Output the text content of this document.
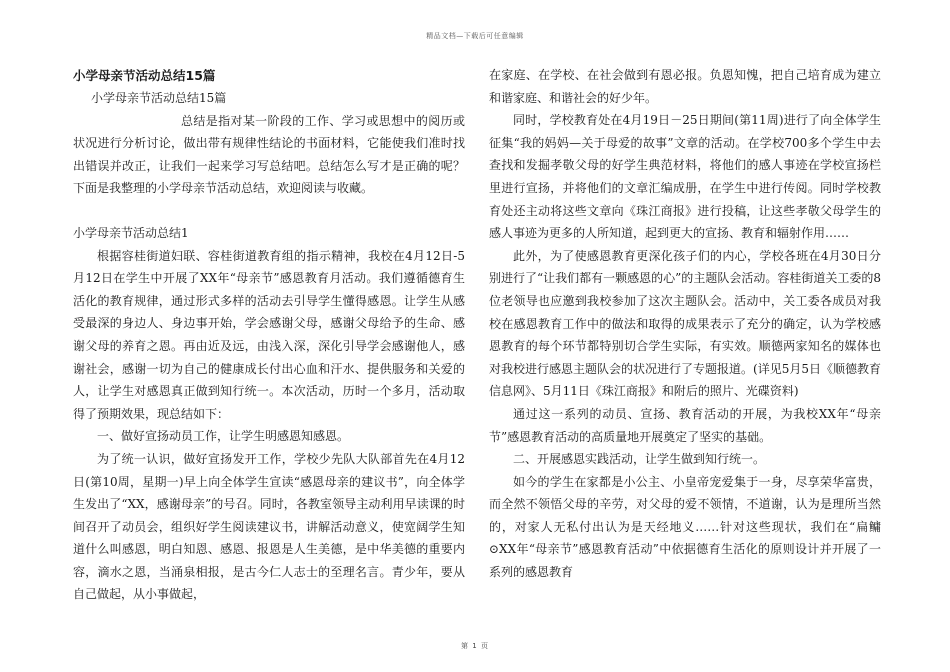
精品文档—下载后可任意编辑

小学母亲节活动总结15篇

小学母亲节活动总结15篇

总结是指对某一阶段的工作、学习或思想中的阅历或状况进行分析讨论，做出带有规律性结论的书面材料，它能使我们准时找出错误并改正，让我们一起来学习写总结吧。总结怎么写才是正确的呢？下面是我整理的小学母亲节活动总结，欢迎阅读与收藏。

小学母亲节活动总结1

根据容桂街道妇联、容桂街道教育组的指示精神，我校在4月12日-5月12日在学生中开展了XX年“母亲节”感恩教育月活动。我们遵循德育生活化的教育规律，通过形式多样的活动去引导学生懂得感恩。让学生从感受最深的身边人、身边事开始，学会感谢父母，感谢父母给予的生命、感谢父母的养育之恩。再由近及远，由浅入深，深化引导学会感谢他人，感谢社会，感谢一切为自己的健康成长付出心血和汗水、提供服务和关爱的人，让学生对感恩真正做到知行统一。本次活动，历时一个多月，活动取得了预期效果，现总结如下：

一、做好宣扬动员工作，让学生明感恩知感恩。

为了统一认识，做好宣扬发开工作，学校少先队大队部首先在4月12日(第10周，星期一)早上向全体学生宣读“感恩母亲的建议书”，向全体学生发出了“XX，感谢母亲”的号召。同时，各教室领导主动利用早读课的时间召开了动员会，组织好学生阅读建议书，讲解活动意义，使宽阔学生知道什么叫感恩，明白知恩、感恩、报恩是人生美德，是中华美德的重要内容，滴水之恩，当涌泉相报，是古今仁人志士的至理名言。青少年，要从自己做起，从小事做起，

在家庭、在学校、在社会做到有恩必报。负恩知愧，把自己培育成为建立和谐家庭、和谐社会的好少年。

同时，学校教育处在4月19日－25日期间(第11周)进行了向全体学生征集“我的妈妈—关于母爱的故事”文章的活动。在学校700多个学生中去查找和发掘孝敬父母的好学生典范材料，将他们的感人事迹在学校宣扬栏里进行宣扬，并将他们的文章汇编成册，在学生中进行传阅。同时学校教育处还主动将这些文章向《珠江商报》进行投稿，让这些孝敬父母学生的感人事迹为更多的人所知道，起到更大的宣扬、教育和辐射作用……

此外，为了使感恩教育更深化孩子们的内心，学校各班在4月30日分别进行了“让我们都有一颗感恩的心”的主题队会活动。容桂街道关工委的8位老领导也应邀到我校参加了这次主题队会。活动中，关工委各成员对我校在感恩教育工作中的做法和取得的成果表示了充分的确定，认为学校感恩教育的每个环节都特别切合学生实际，有实效。顺德两家知名的媒体也对我校进行感恩主题队会的状况进行了专题报道。(详见5月5日《顺德教育信息网》、5月11日《珠江商报》和附后的照片、光碟资料)

通过这一系列的动员、宣扬、教育活动的开展，为我校XX年“母亲节”感恩教育活动的高质量地开展奠定了坚实的基础。

二、开展感恩实践活动，让学生做到知行统一。

如今的学生在家都是小公主、小皇帝宠爱集于一身，尽享荣华富贵，而全然不领悟父母的辛劳，对父母的爱不领情，不道谢，认为是理所当然的，对家人无私付出认为是天经地义……针对这些现状，我们在“扁鳙⊙XX年“母亲节”感恩教育活动”中依据德育生活化的原则设计并开展了一系列的感恩教育

第 1 页
